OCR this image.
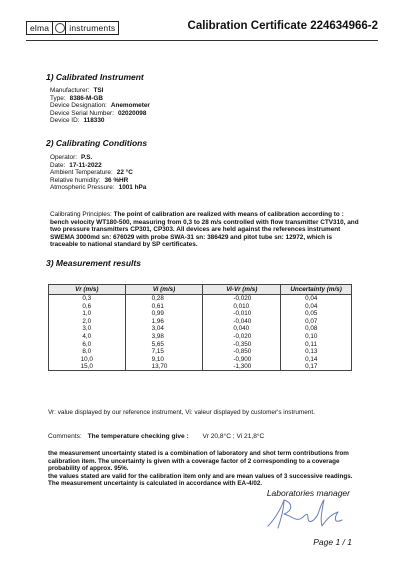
elma	instruments	Calibration Certificate 224634966-2
1) Calibrated Instrument
Manufacturer: TSI
Type: 8386-M-GB
Device Designation: Anemometer
Device Serial Number: 02020098
Device ID: 118330
2) Calibrating Conditions
Operator: P.S.
Date: 17-11-2022
Ambient Temperature: 22 °C
Relative humidity: 36 %HR
Atmospheric Pressure: 1001 hPa
Calibrating Principles: The point of calibration are realized with means of calibration according to : bench velocity WT180-500, measuring from 0,3 to 28 m/s controlled with flow transmitter CTV310, and two pressure transmitters CP301, CP303. All devices are held against the references instrument SWEMA 3000md sn: 676029 with probe SWA-31 sn: 386429 and pitot tube sn: 12972, which is traceable to national standard by SP certificates.
3) Measurement results
Vr (m/s)	Vi (m/s)	Vi-Vr (m/s)	Uncertainty (m/s)
0,3	0,28	-0,020	0,04
0,6	0,61	0,010	0,04
1,0	0,99	-0,010	0,05
2,0	1,96	-0,040	0,07
3,0	3,04	0,040	0,08
4,0	3,98	-0,020	0,10
6,0	5,65	-0,350	0,11
8,0	7,15	-0,850	0,13
10,0	9,10	-0,900	0,14
15,0	13,70	-1,300	0,17
Vr: value displayed by our reference instrument, Vi: valeur displayed by customer's instrument.
Comments: The temperature checking give : Vr 20,8°C ; Vi 21,8°C
the measurement uncertainty stated is a combination of laboratory and shot term contributions from
calibration item. The uncertainty is given with a coverage factor of 2 corresponding to a coverage
probability of approx. 95%.
the values stated are valid for the calibration item only and are mean values of 3 successive readings.
The measurement uncertainty is calculated in accordance with EA-4/02.
Laboratories manager
Page 1 / 1
